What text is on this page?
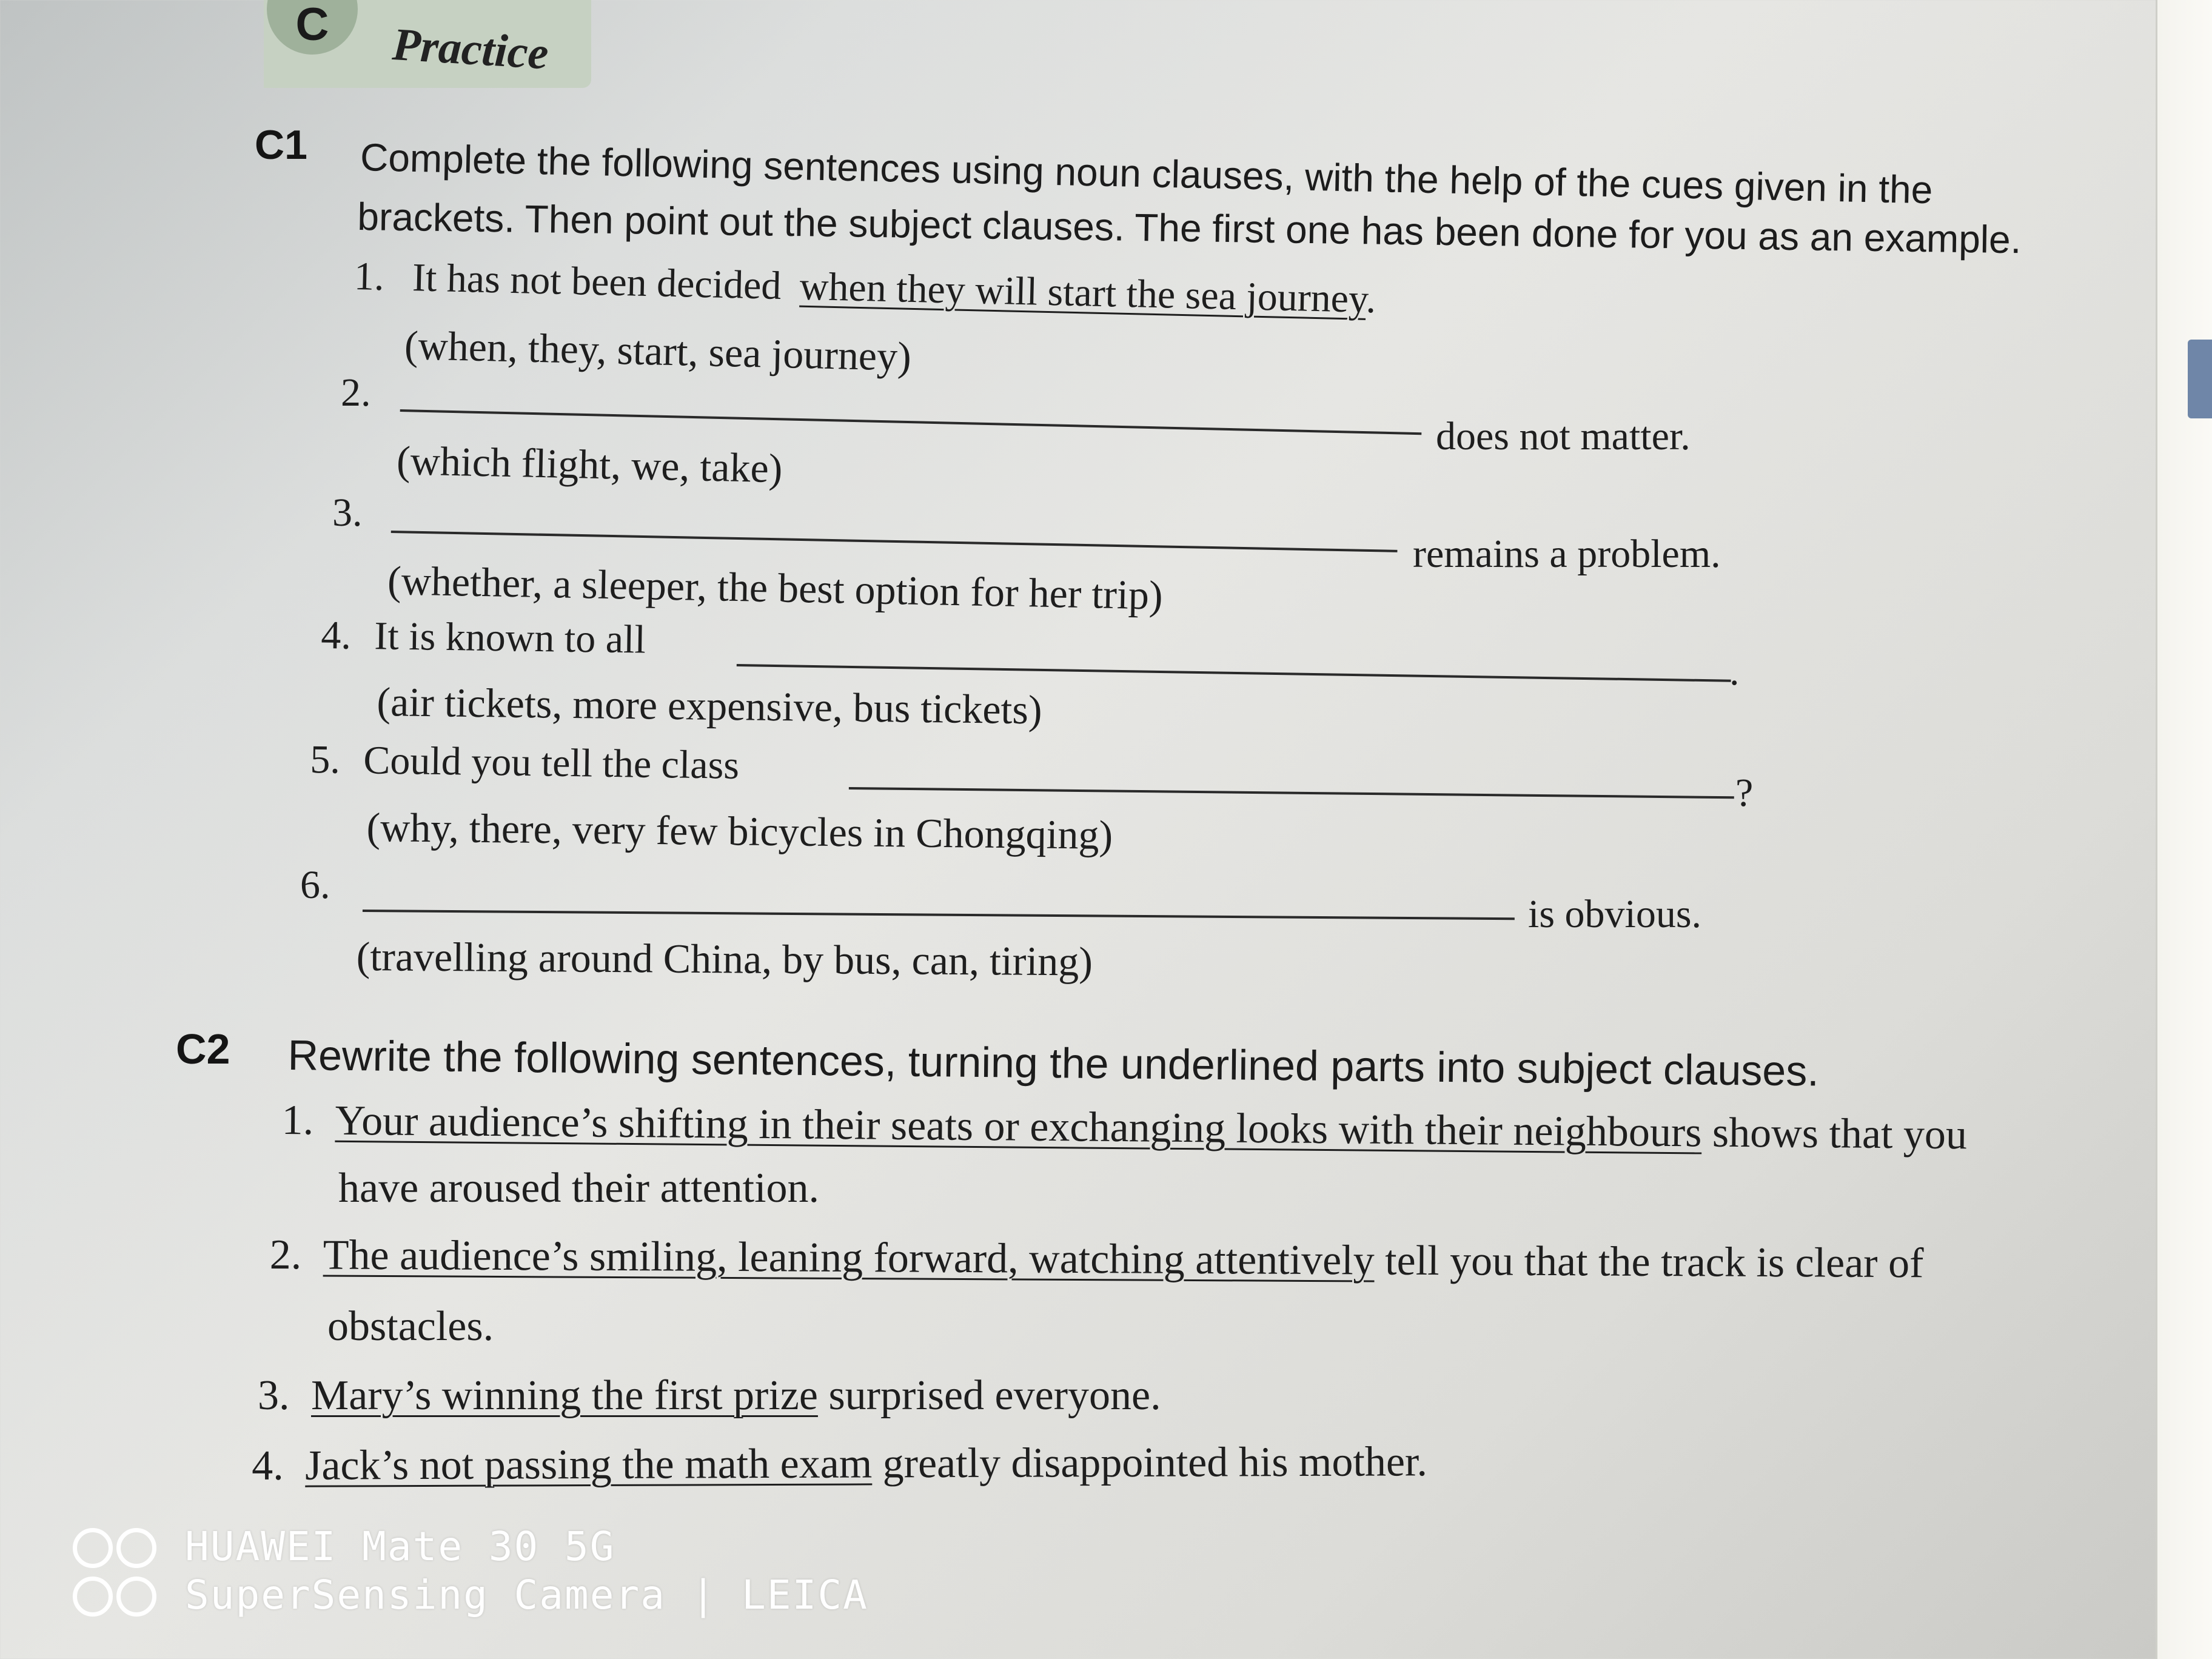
C	Practice
C1 Complete the following sentences using noun clauses, with the help of the cues given in the
brackets. Then point out the subject clauses. The first one has been done for you as an example.
1. It has not been decided when they will start the sea journey.
(when, they, start, sea journey)
2.
does not matter.
(which flight, we, take)
3.
remains a problem.
(whether, a sleeper, the best option for her trip)
4. It is known to all
.
(air tickets, more expensive, bus tickets)
5. Could you tell the class
?
(why, there, very few bicycles in Chongqing)
6.
is obvious.
(travelling around China, by bus, can, tiring)
C2 Rewrite the following sentences, turning the underlined parts into subject clauses.
1. Your audience’s shifting in their seats or exchanging looks with their neighbours shows that you
have aroused their attention.
2. The audience’s smiling, leaning forward, watching attentively tell you that the track is clear of
obstacles.
3. Mary’s winning the first prize surprised everyone.
4. Jack’s not passing the math exam greatly disappointed his mother.
HUAWEI Mate 30 5G
SuperSensing Camera | LEICA
